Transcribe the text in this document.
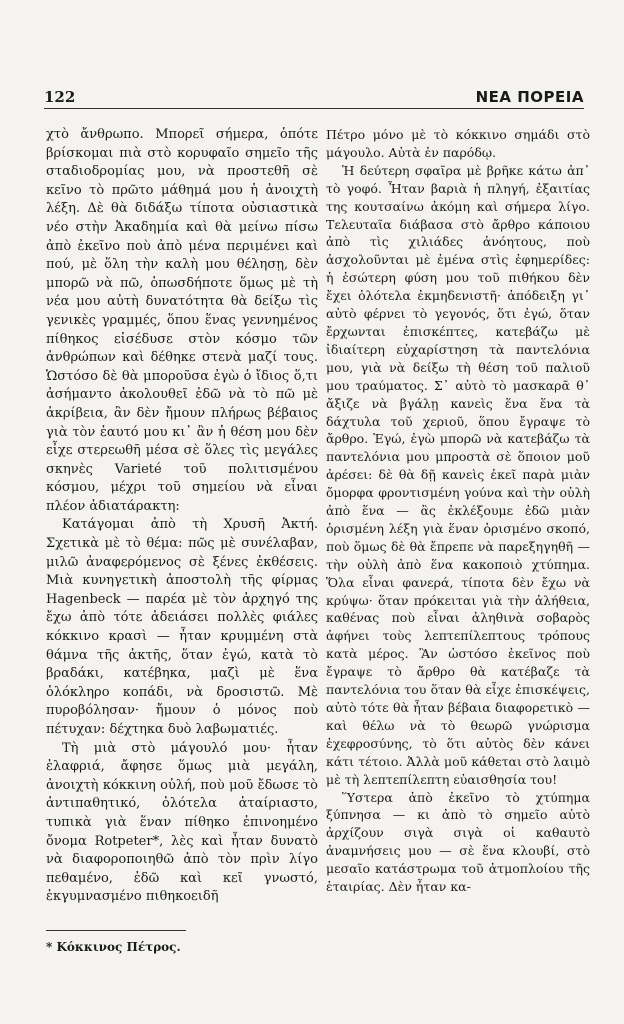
122	ΝΕΑ ΠΟΡΕΙΑ

χτὸ ἄνθρωπο. Μπορεῖ σήμερα, ὁπότε βρίσκομαι πιὰ στὸ κορυφαῖο σημεῖο τῆς σταδιοδρομίας μου, νὰ προστεθῆ σὲ κεῖνο τὸ πρῶτο μάθημά μου ἡ ἀνοιχτὴ λέξη. Δὲ θὰ διδάξω τίποτα οὐσιαστικὰ νέο στὴν Ἀκαδημία καὶ θὰ μείνω πίσω ἀπὸ ἐκεῖνο ποὺ ἀπὸ μένα περιμένει καὶ πού, μὲ ὅλη τὴν καλὴ μου θέλησῃ, δὲν μπορῶ νὰ πῶ, ὁπωσδήποτε ὅμως μὲ τὴ νέα μου αὐτὴ δυνατότητα θὰ δείξω τὶς γενικὲς γραμμές, ὅπου ἕνας γεννημένος πίθηκος εἰσέδυσε στὸν κόσμο τῶν ἀνθρώπων καὶ δέθηκε στενὰ μαζί τους. Ὡστόσο δὲ θὰ μποροῦσα ἐγὼ ὁ ἴδιος ὅ,τι ἀσήμαντο ἀκολουθεῖ ἐδῶ νὰ τὸ πῶ μὲ ἀκρίβεια, ἂν δὲν ἤμουν πλήρως βέβαιος γιὰ τὸν ἑαυτό μου κι᾿ ἂν ἡ θέση μου δὲν εἶχε στερεωθῆ μέσα σὲ ὅλες τὶς μεγάλες σκηνὲς Varieté τοῦ πολιτισμένου κόσμου, μέχρι τοῦ σημείου νὰ εἶναι πλέον ἀδιατάρακτη:

Κατάγομαι ἀπὸ τὴ Χρυσῆ Ἀκτή. Σχετικὰ μὲ τὸ θέμα: πῶς μὲ συνέλαβαν, μιλῶ ἀναφερόμενος σὲ ξένες ἐκθέσεις. Μιὰ κυνηγετικὴ ἀποστολὴ τῆς φίρμας Hagenbeck — παρέα μὲ τὸν ἀρχηγό της ἔχω ἀπὸ τότε ἀδειάσει πολλὲς φιάλες κόκκινο κρασὶ — ἦταν κρυμμένη στὰ θάμνα τῆς ἀκτῆς, ὅταν ἐγώ, κατὰ τὸ βραδάκι, κατέβηκα, μαζὶ μὲ ἕνα ὁλόκληρο κοπάδι, νὰ δροσιστῶ. Μὲ πυροβόλησαν· ἤμουν ὁ μόνος ποὺ πέτυχαν: δέχτηκα δυὸ λαβωματιές.

Τὴ μιὰ στὸ μάγουλό μου· ἦταν ἐλαφριά, ἄφησε ὅμως μιὰ μεγάλη, ἀνοιχτὴ κόκκινη οὐλή, ποὺ μοῦ ἔδωσε τὸ ἀντιπαθητικό, ὁλότελα ἀταίριαστο, τυπικὰ γιὰ ἕναν πίθηκο ἐπινοημένο ὄνομα Rotpeter*, λὲς καὶ ἦταν δυνατὸ νὰ διαφοροποιηθῶ ἀπὸ τὸν πρὶν λίγο πεθαμένο, ἐδῶ καὶ κεῖ γνωστό, ἐκγυμνασμένο πιθηκοειδῆ

Πέτρο μόνο μὲ τὸ κόκκινο σημάδι στὸ μάγουλο. Αὐτὰ ἐν παρόδῳ.

Ἡ δεύτερη σφαῖρα μὲ βρῆκε κάτω ἀπ᾿ τὸ γοφό. Ἦταν βαριὰ ἡ πληγή, ἐξαιτίας της κουτσαίνω ἀκόμη καὶ σήμερα λίγο. Τελευταῖα διάβασα στὸ ἄρθρο κάποιου ἀπὸ τὶς χιλιάδες ἀνόητους, ποὺ ἀσχολοῦνται μὲ ἐμένα στὶς ἐφημερίδες: ἡ ἐσώτερη φύση μου τοῦ πιθήκου δὲν ἔχει ὁλότελα ἐκμηδενιστῆ· ἀπόδειξη γι᾿ αὐτὸ φέρνει τὸ γεγονός, ὅτι ἐγώ, ὅταν ἔρχωνται ἐπισκέπτες, κατεβάζω μὲ ἰδιαίτερη εὐχαρίστηση τὰ παντελόνια μου, γιὰ νὰ δείξω τὴ θέση τοῦ παλιοῦ μου τραύματος. Σ᾿ αὐτὸ τὸ μασκαρᾶ θ᾿ ἄξιζε νὰ βγάλῃ κανεὶς ἕνα ἕνα τὰ δάχτυλα τοῦ χεριοῦ, ὅπου ἔγραψε τὸ ἄρθρο. Ἐγώ, ἐγὼ μπορῶ νὰ κατεβάζω τὰ παντελόνια μου μπροστὰ σὲ ὅποιον μοῦ ἀρέσει: δὲ θὰ δῇ κανεὶς ἐκεῖ παρὰ μιὰν ὄμορφα φροντισμένη γούνα καὶ τὴν οὐλὴ ἀπὸ ἕνα — ἂς ἐκλέξουμε ἐδῶ μιὰν ὁρισμένη λέξη γιὰ ἕναν ὁρισμένο σκοπό, ποὺ ὅμως δὲ θὰ ἔπρεπε νὰ παρεξηγηθῆ — τὴν οὐλὴ ἀπὸ ἕνα κακοποιὸ χτύπημα. Ὅλα εἶναι φανερά, τίποτα δὲν ἔχω νὰ κρύψω· ὅταν πρόκειται γιὰ τὴν ἀλήθεια, καθένας ποὺ εἶναι ἀληθινὰ σοβαρὸς ἀφήνει τοὺς λεπτεπίλεπτους τρόπους κατὰ μέρος. Ἂν ὡστόσο ἐκεῖνος ποὺ ἔγραψε τὸ ἄρθρο θὰ κατέβαζε τὰ παντελόνια του ὅταν θὰ εἶχε ἐπισκέψεις, αὐτὸ τότε θὰ ἦταν βέβαια διαφορετικὸ — καὶ θέλω νὰ τὸ θεωρῶ γνώρισμα ἐχεφροσύνης, τὸ ὅτι αὐτὸς δὲν κάνει κάτι τέτοιο. Ἀλλὰ μοῦ κάθεται στὸ λαιμὸ μὲ τὴ λεπτεπίλεπτη εὐαισθησία του!

Ὕστερα ἀπὸ ἐκεῖνο τὸ χτύπημα ξύπνησα — κι ἀπὸ τὸ σημεῖο αὐτὸ ἀρχίζουν σιγὰ σιγὰ οἱ καθαυτὸ ἀναμνήσεις μου — σὲ ἕνα κλουβί, στὸ μεσαῖο κατάστρωμα τοῦ ἀτμοπλοίου τῆς ἑταιρίας. Δὲν ἦταν κα-

* Κόκκινος Πέτρος.
